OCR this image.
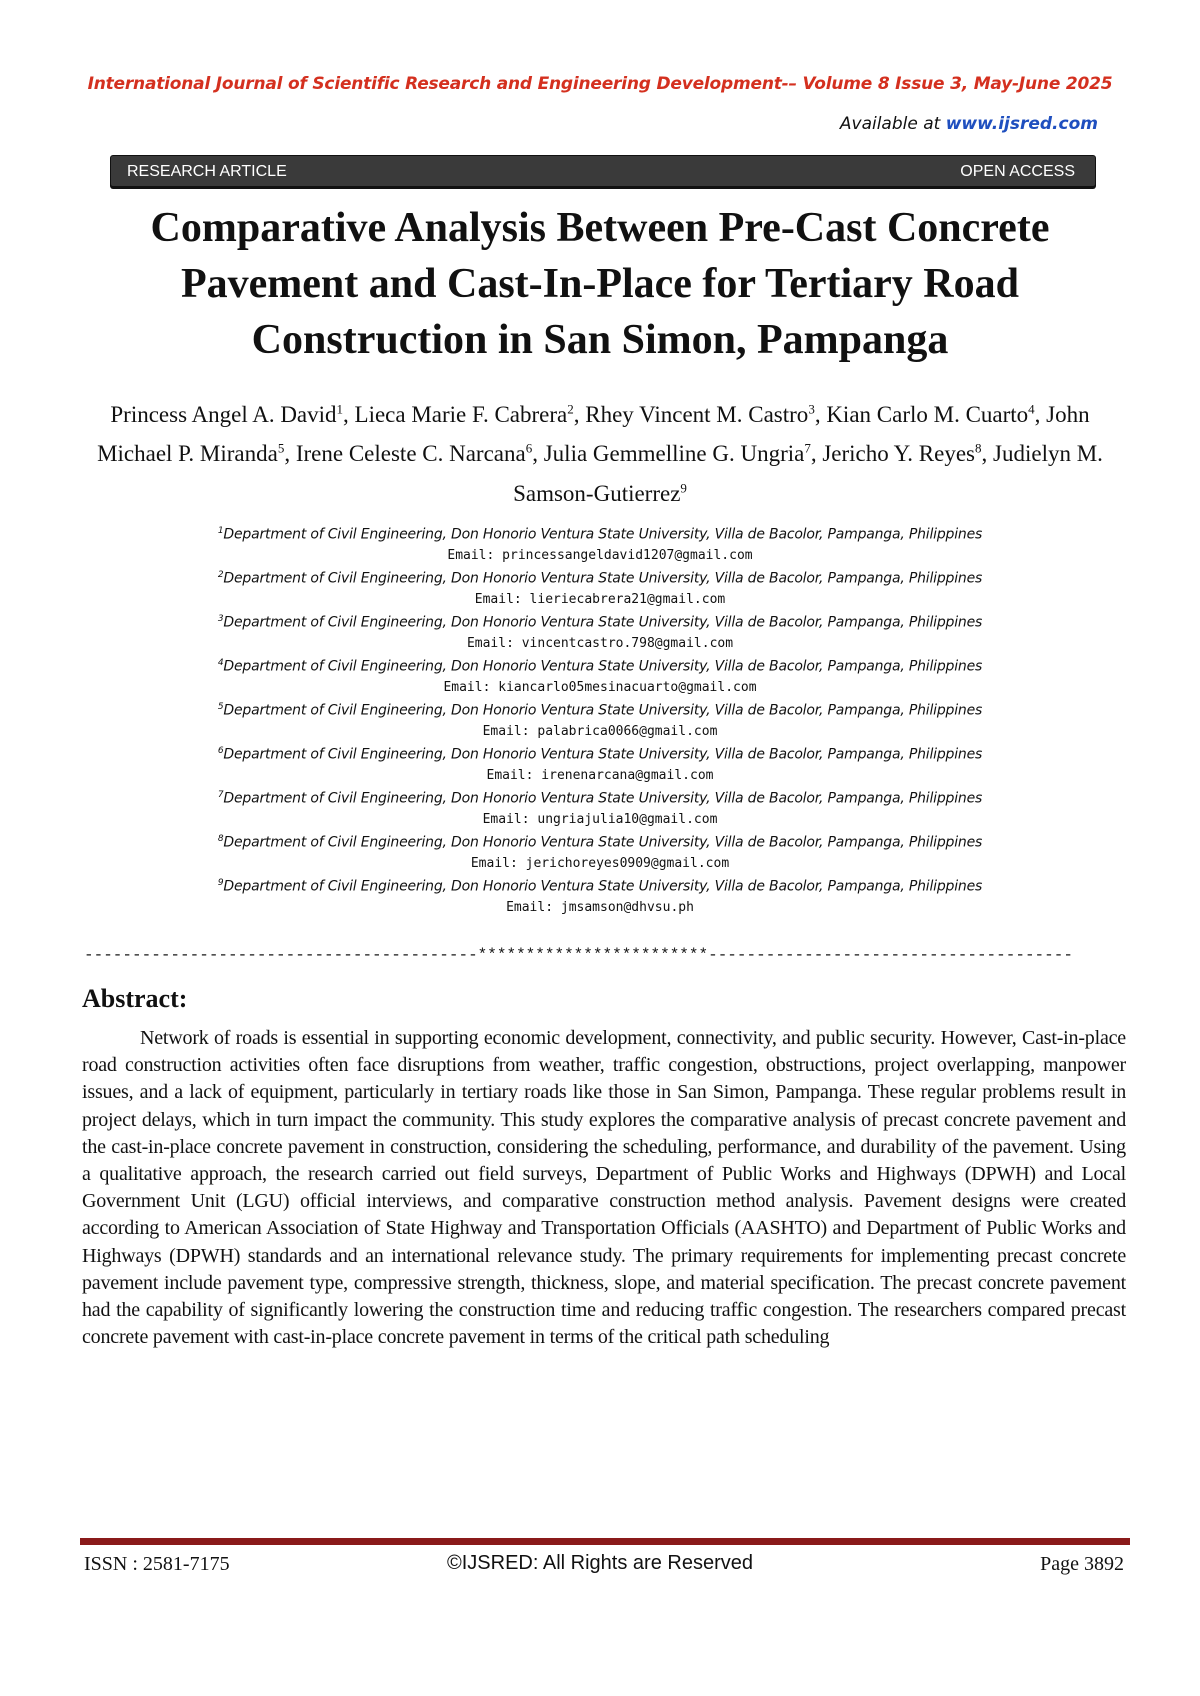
International Journal of Scientific Research and Engineering Development-– Volume 8 Issue 3, May-June 2025
Available at www.ijsred.com
RESEARCH ARTICLE	OPEN ACCESS
Comparative Analysis Between Pre-Cast Concrete Pavement and Cast-In-Place for Tertiary Road Construction in San Simon, Pampanga
Princess Angel A. David$^1$, Lieca Marie F. Cabrera$^2$, Rhey Vincent M. Castro$^3$, Kian Carlo M. Cuarto$^4$, John Michael P. Miranda$^5$, Irene Celeste C. Narcana$^6$, Julia Gemmelline G. Ungria$^7$, Jericho Y. Reyes$^8$, Judielyn M. Samson-Gutierrez$^9$
$^1$Department of Civil Engineering, Don Honorio Ventura State University, Villa de Bacolor, Pampanga, Philippines
Email: princessangeldavid1207@gmail.com
$^2$Department of Civil Engineering, Don Honorio Ventura State University, Villa de Bacolor, Pampanga, Philippines
Email: lieriecabrera21@gmail.com
$^3$Department of Civil Engineering, Don Honorio Ventura State University, Villa de Bacolor, Pampanga, Philippines
Email: vincentcastro.798@gmail.com
$^4$Department of Civil Engineering, Don Honorio Ventura State University, Villa de Bacolor, Pampanga, Philippines
Email: kiancarlo05mesinacuarto@gmail.com
$^5$Department of Civil Engineering, Don Honorio Ventura State University, Villa de Bacolor, Pampanga, Philippines
Email: palabrica0066@gmail.com
$^6$Department of Civil Engineering, Don Honorio Ventura State University, Villa de Bacolor, Pampanga, Philippines
Email: irenenarcana@gmail.com
$^7$Department of Civil Engineering, Don Honorio Ventura State University, Villa de Bacolor, Pampanga, Philippines
Email: ungriajulia10@gmail.com
$^8$Department of Civil Engineering, Don Honorio Ventura State University, Villa de Bacolor, Pampanga, Philippines
Email: jerichoreyes0909@gmail.com
$^9$Department of Civil Engineering, Don Honorio Ventura State University, Villa de Bacolor, Pampanga, Philippines
Email: jmsamson@dhvsu.ph
-----------------------------------------************************--------------------------------------
Abstract:

Network of roads is essential in supporting economic development, connectivity, and public security. However, Cast-in-place road construction activities often face disruptions from weather, traffic congestion, obstructions, project overlapping, manpower issues, and a lack of equipment, particularly in tertiary roads like those in San Simon, Pampanga. These regular problems result in project delays, which in turn impact the community. This study explores the comparative analysis of precast concrete pavement and the cast-in-place concrete pavement in construction, considering the scheduling, performance, and durability of the pavement. Using a qualitative approach, the research carried out field surveys, Department of Public Works and Highways (DPWH) and Local Government Unit (LGU) official interviews, and comparative construction method analysis. Pavement designs were created according to American Association of State Highway and Transportation Officials (AASHTO) and Department of Public Works and Highways (DPWH) standards and an international relevance study. The primary requirements for implementing precast concrete pavement include pavement type, compressive strength, thickness, slope, and material specification. The precast concrete pavement had the capability of significantly lowering the construction time and reducing traffic congestion. The researchers compared precast concrete pavement with cast-in-place concrete pavement in terms of the critical path scheduling

ISSN : 2581-7175	©IJSRED: All Rights are Reserved	Page 3892
